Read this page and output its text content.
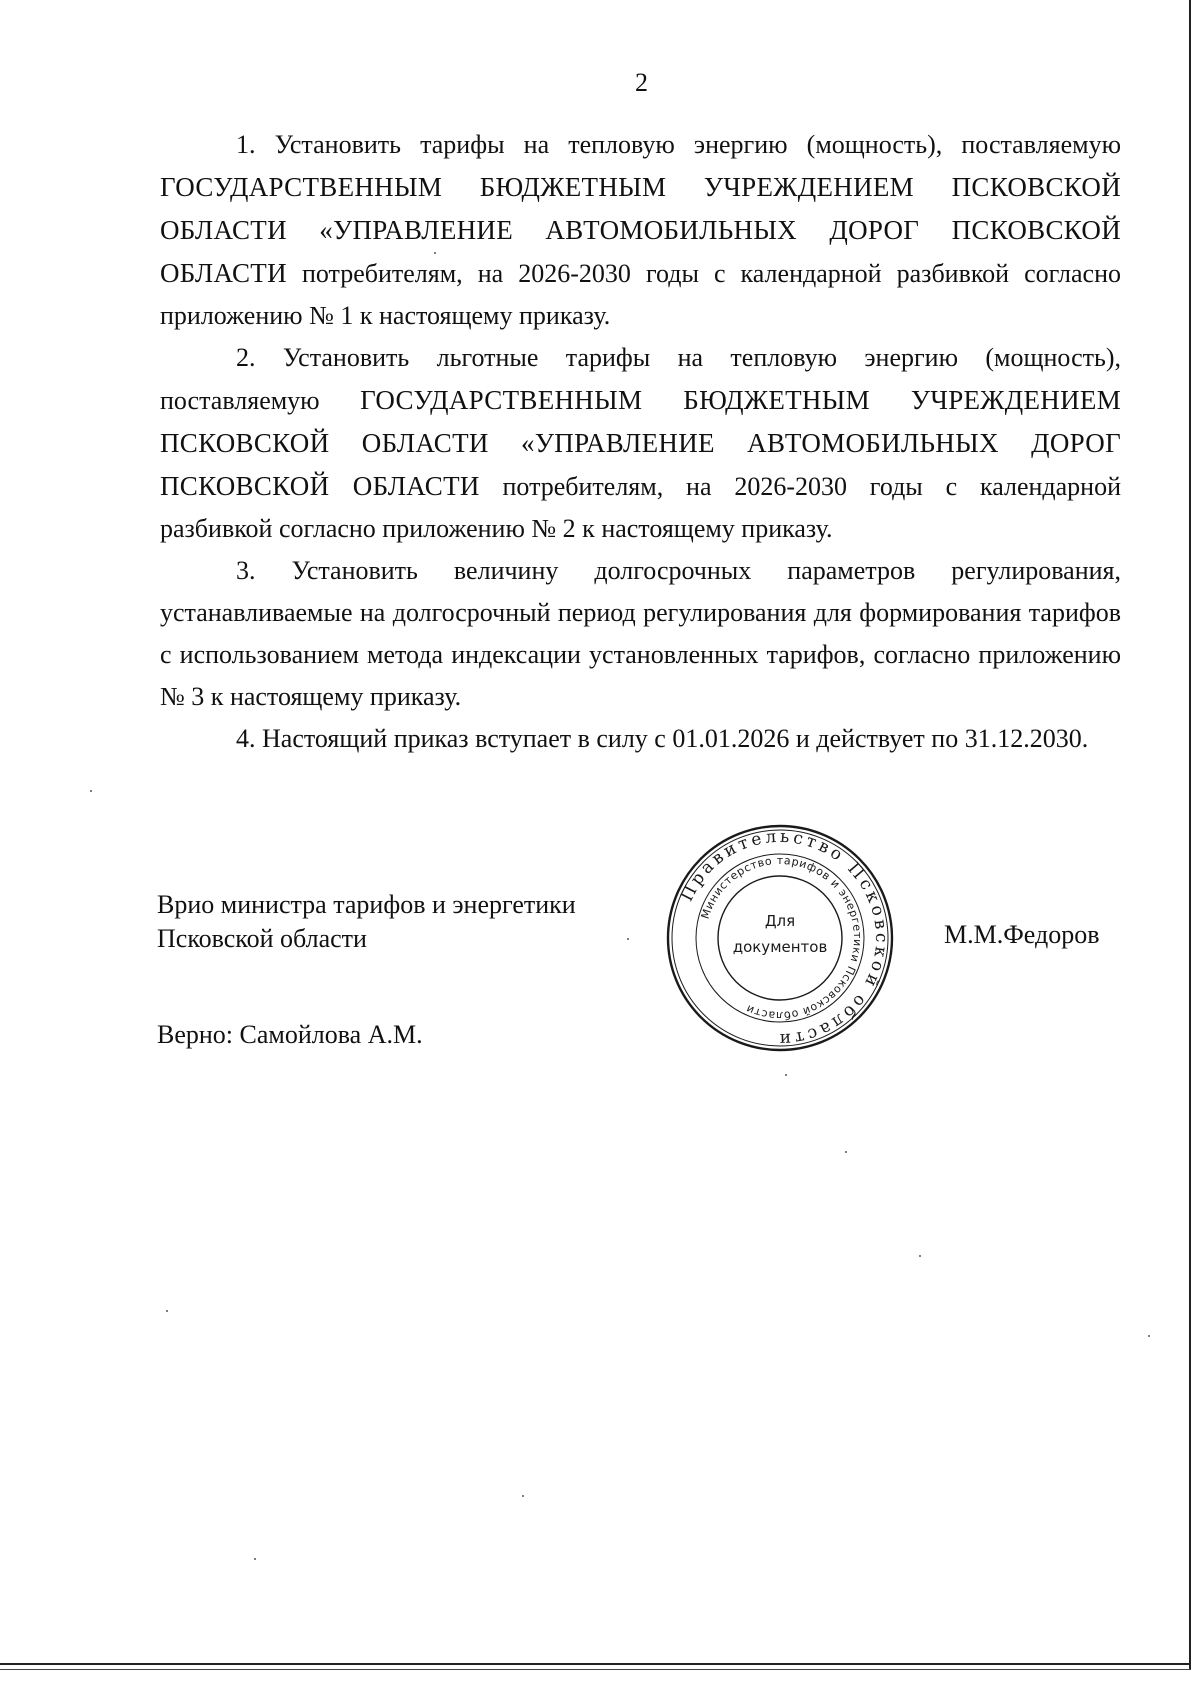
2

1. Установить тарифы на тепловую энергию (мощность), поставляемую ГОСУДАРСТВЕННЫМ БЮДЖЕТНЫМ УЧРЕЖДЕНИЕМ ПСКОВСКОЙ ОБЛАСТИ «УПРАВЛЕНИЕ АВТОМОБИЛЬНЫХ ДОРОГ ПСКОВСКОЙ ОБЛАСТИ потребителям, на 2026-2030 годы с календарной разбивкой согласно приложению № 1 к настоящему приказу.

2. Установить льготные тарифы на тепловую энергию (мощность), поставляемую ГОСУДАРСТВЕННЫМ БЮДЖЕТНЫМ УЧРЕЖДЕНИЕМ ПСКОВСКОЙ ОБЛАСТИ «УПРАВЛЕНИЕ АВТОМОБИЛЬНЫХ ДОРОГ ПСКОВСКОЙ ОБЛАСТИ потребителям, на 2026-2030 годы с календарной разбивкой согласно приложению № 2 к настоящему приказу.

3. Установить величину долгосрочных параметров регулирования, устанавливаемые на долгосрочный период регулирования для формирования тарифов с использованием метода индексации установленных тарифов, согласно приложению № 3 к настоящему приказу.

4. Настоящий приказ вступает в силу с 01.01.2026 и действует по 31.12.2030.

Врио министра тарифов и энергетики
Псковской области
Правительство Псковской области
Министерство тарифов и энергетики Псковской области
Для
документов	М.М.Федоров
Верно: Самойлова А.М.
